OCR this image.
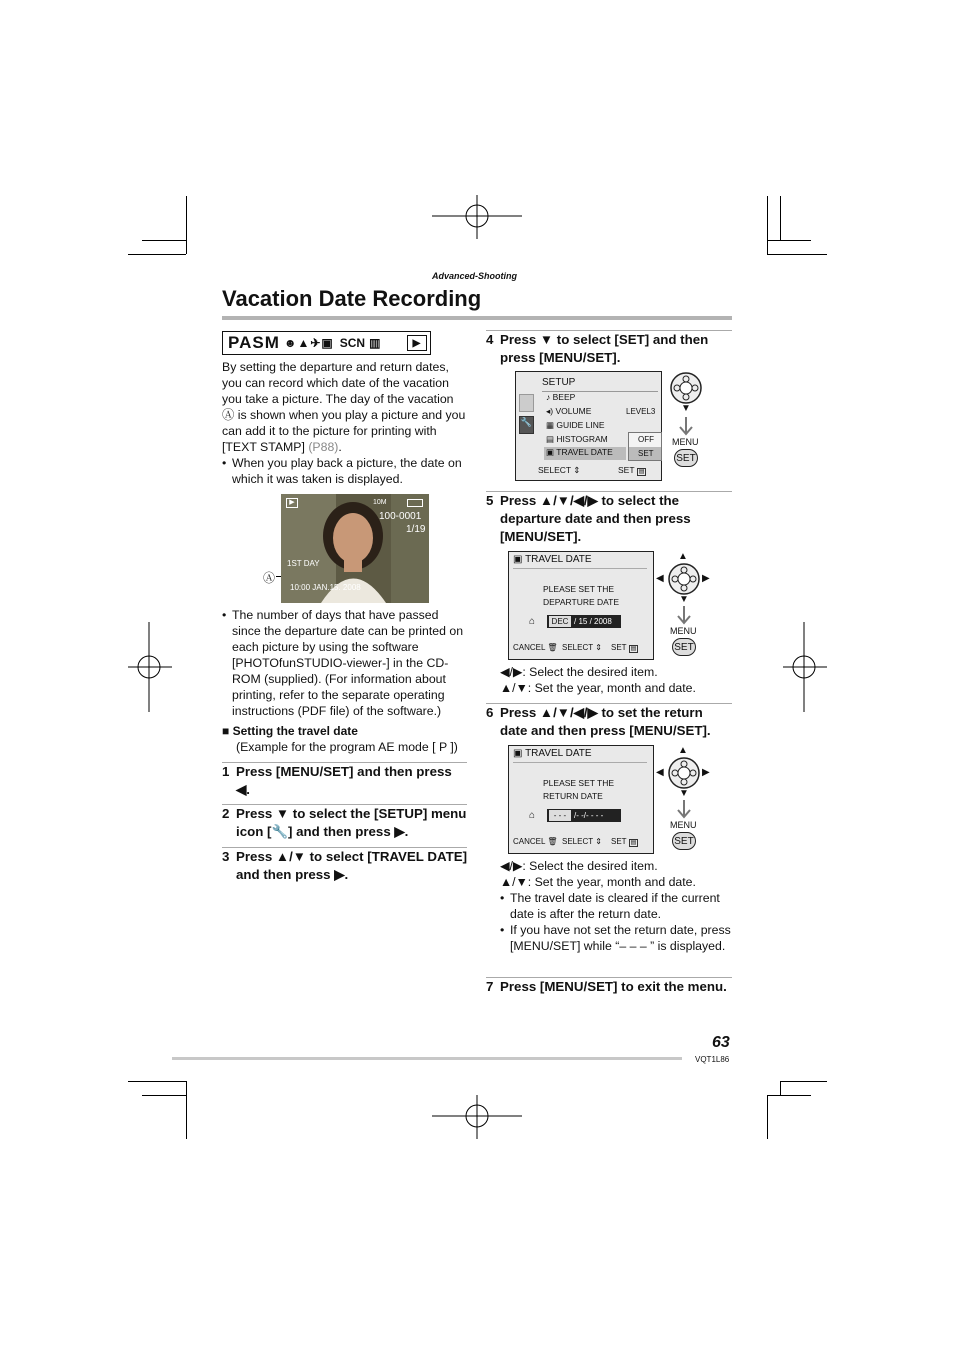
Advanced-Shooting
Vacation Date Recording
PASM ☻▲✈▣ SCN ▥	▶

By setting the departure and return dates, you can record which date of the vacation you take a picture. The day of the vacation Ⓐ is shown when you play a picture and you can add it to the picture for printing with [TEXT STAMP] (P88).

• When you play back a picture, the date on which it was taken is displayed.
Ⓐ
▶	10M
100-0001
1/19
1ST DAY
10:00 JAN.15. 2008
• The number of days that have passed since the departure date can be printed on each picture by using the software [PHOTOfunSTUDIO-viewer-] in the CD-ROM (supplied). (For information about printing, refer to the separate operating instructions (PDF file) of the software.)
■ Setting the travel date
(Example for the program AE mode [ P ])
1 Press [MENU/SET] and then press ◀.
2 Press ▼ to select the [SETUP] menu icon [🔧] and then press ▶.
3 Press ▲/▼ to select [TRAVEL DATE] and then press ▶.
4 Press ▼ to select [SET] and then press [MENU/SET].
SETUP
🔧
♪ BEEP
◂) VOLUME	LEVEL3
▦ GUIDE LINE
▤ HISTOGRAM
▣ TRAVEL DATE
OFF
SET
SELECT ⇕	SET ▤
▼
MENU
SET
5 Press ▲/▼/◀/▶ to select the departure date and then press [MENU/SET].
▣ TRAVEL DATE
PLEASE SET THE
DEPARTURE DATE
⌂	DEC / 15 / 2008
CANCEL 🗑 SELECT ⇕ SET ▤
▲
◀	▶
▼
MENU
SET
◀/▶: Select the desired item.
▲/▼: Set the year, month and date.
6 Press ▲/▼/◀/▶ to set the return date and then press [MENU/SET].
▣ TRAVEL DATE
PLEASE SET THE
RETURN DATE
⌂	- - - /- -/- - - -
CANCEL 🗑 SELECT ⇕ SET ▤
▲
◀	▶
▼
MENU
SET
◀/▶: Select the desired item.
▲/▼: Set the year, month and date.
• The travel date is cleared if the current date is after the return date.
• If you have not set the return date, press [MENU/SET] while “– – – ” is displayed.
7 Press [MENU/SET] to exit the menu.
63
VQT1L86
